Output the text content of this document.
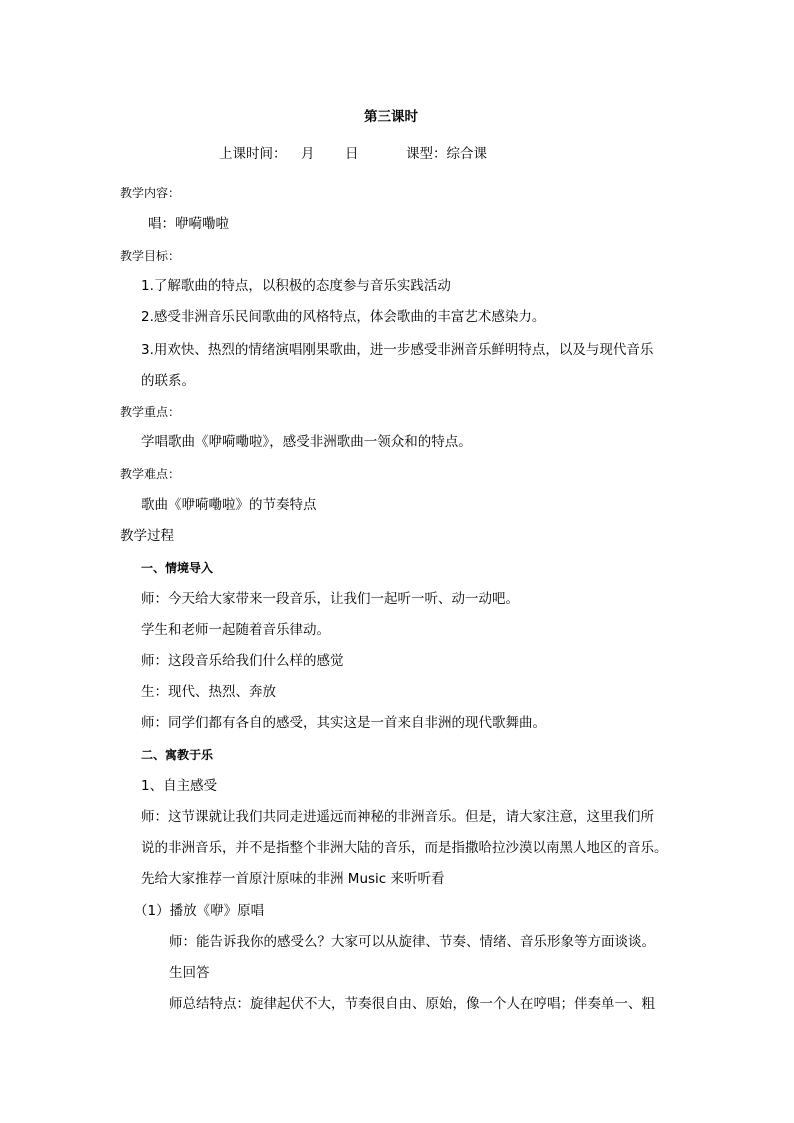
第三课时

上课时间： 月 日	课型：综合课

教学内容：

唱：咿嗬嘞啦

教学目标：

1.了解歌曲的特点，以积极的态度参与音乐实践活动

2.感受非洲音乐民间歌曲的风格特点，体会歌曲的丰富艺术感染力。

3.用欢快、热烈的情绪演唱刚果歌曲，进一步感受非洲音乐鲜明特点，以及与现代音乐

的联系。

教学重点：

学唱歌曲《咿嗬嘞啦》，感受非洲歌曲一领众和的特点。

教学难点：

歌曲《咿嗬嘞啦》的节奏特点

教学过程

一、情境导入

师：今天给大家带来一段音乐，让我们一起听一听、动一动吧。

学生和老师一起随着音乐律动。

师：这段音乐给我们什么样的感觉

生：现代、热烈、奔放

师：同学们都有各自的感受，其实这是一首来自非洲的现代歌舞曲。

二、寓教于乐

1、自主感受

师：这节课就让我们共同走进遥远而神秘的非洲音乐。但是，请大家注意，这里我们所

说的非洲音乐，并不是指整个非洲大陆的音乐，而是指撒哈拉沙漠以南黑人地区的音乐。

先给大家推荐一首原汁原味的非洲 Music 来听听看

（1）播放《咿》原唱

师：能告诉我你的感受么？大家可以从旋律、节奏、情绪、音乐形象等方面谈谈。

生回答

师总结特点：旋律起伏不大，节奏很自由、原始，像一个人在哼唱；伴奏单一、粗
